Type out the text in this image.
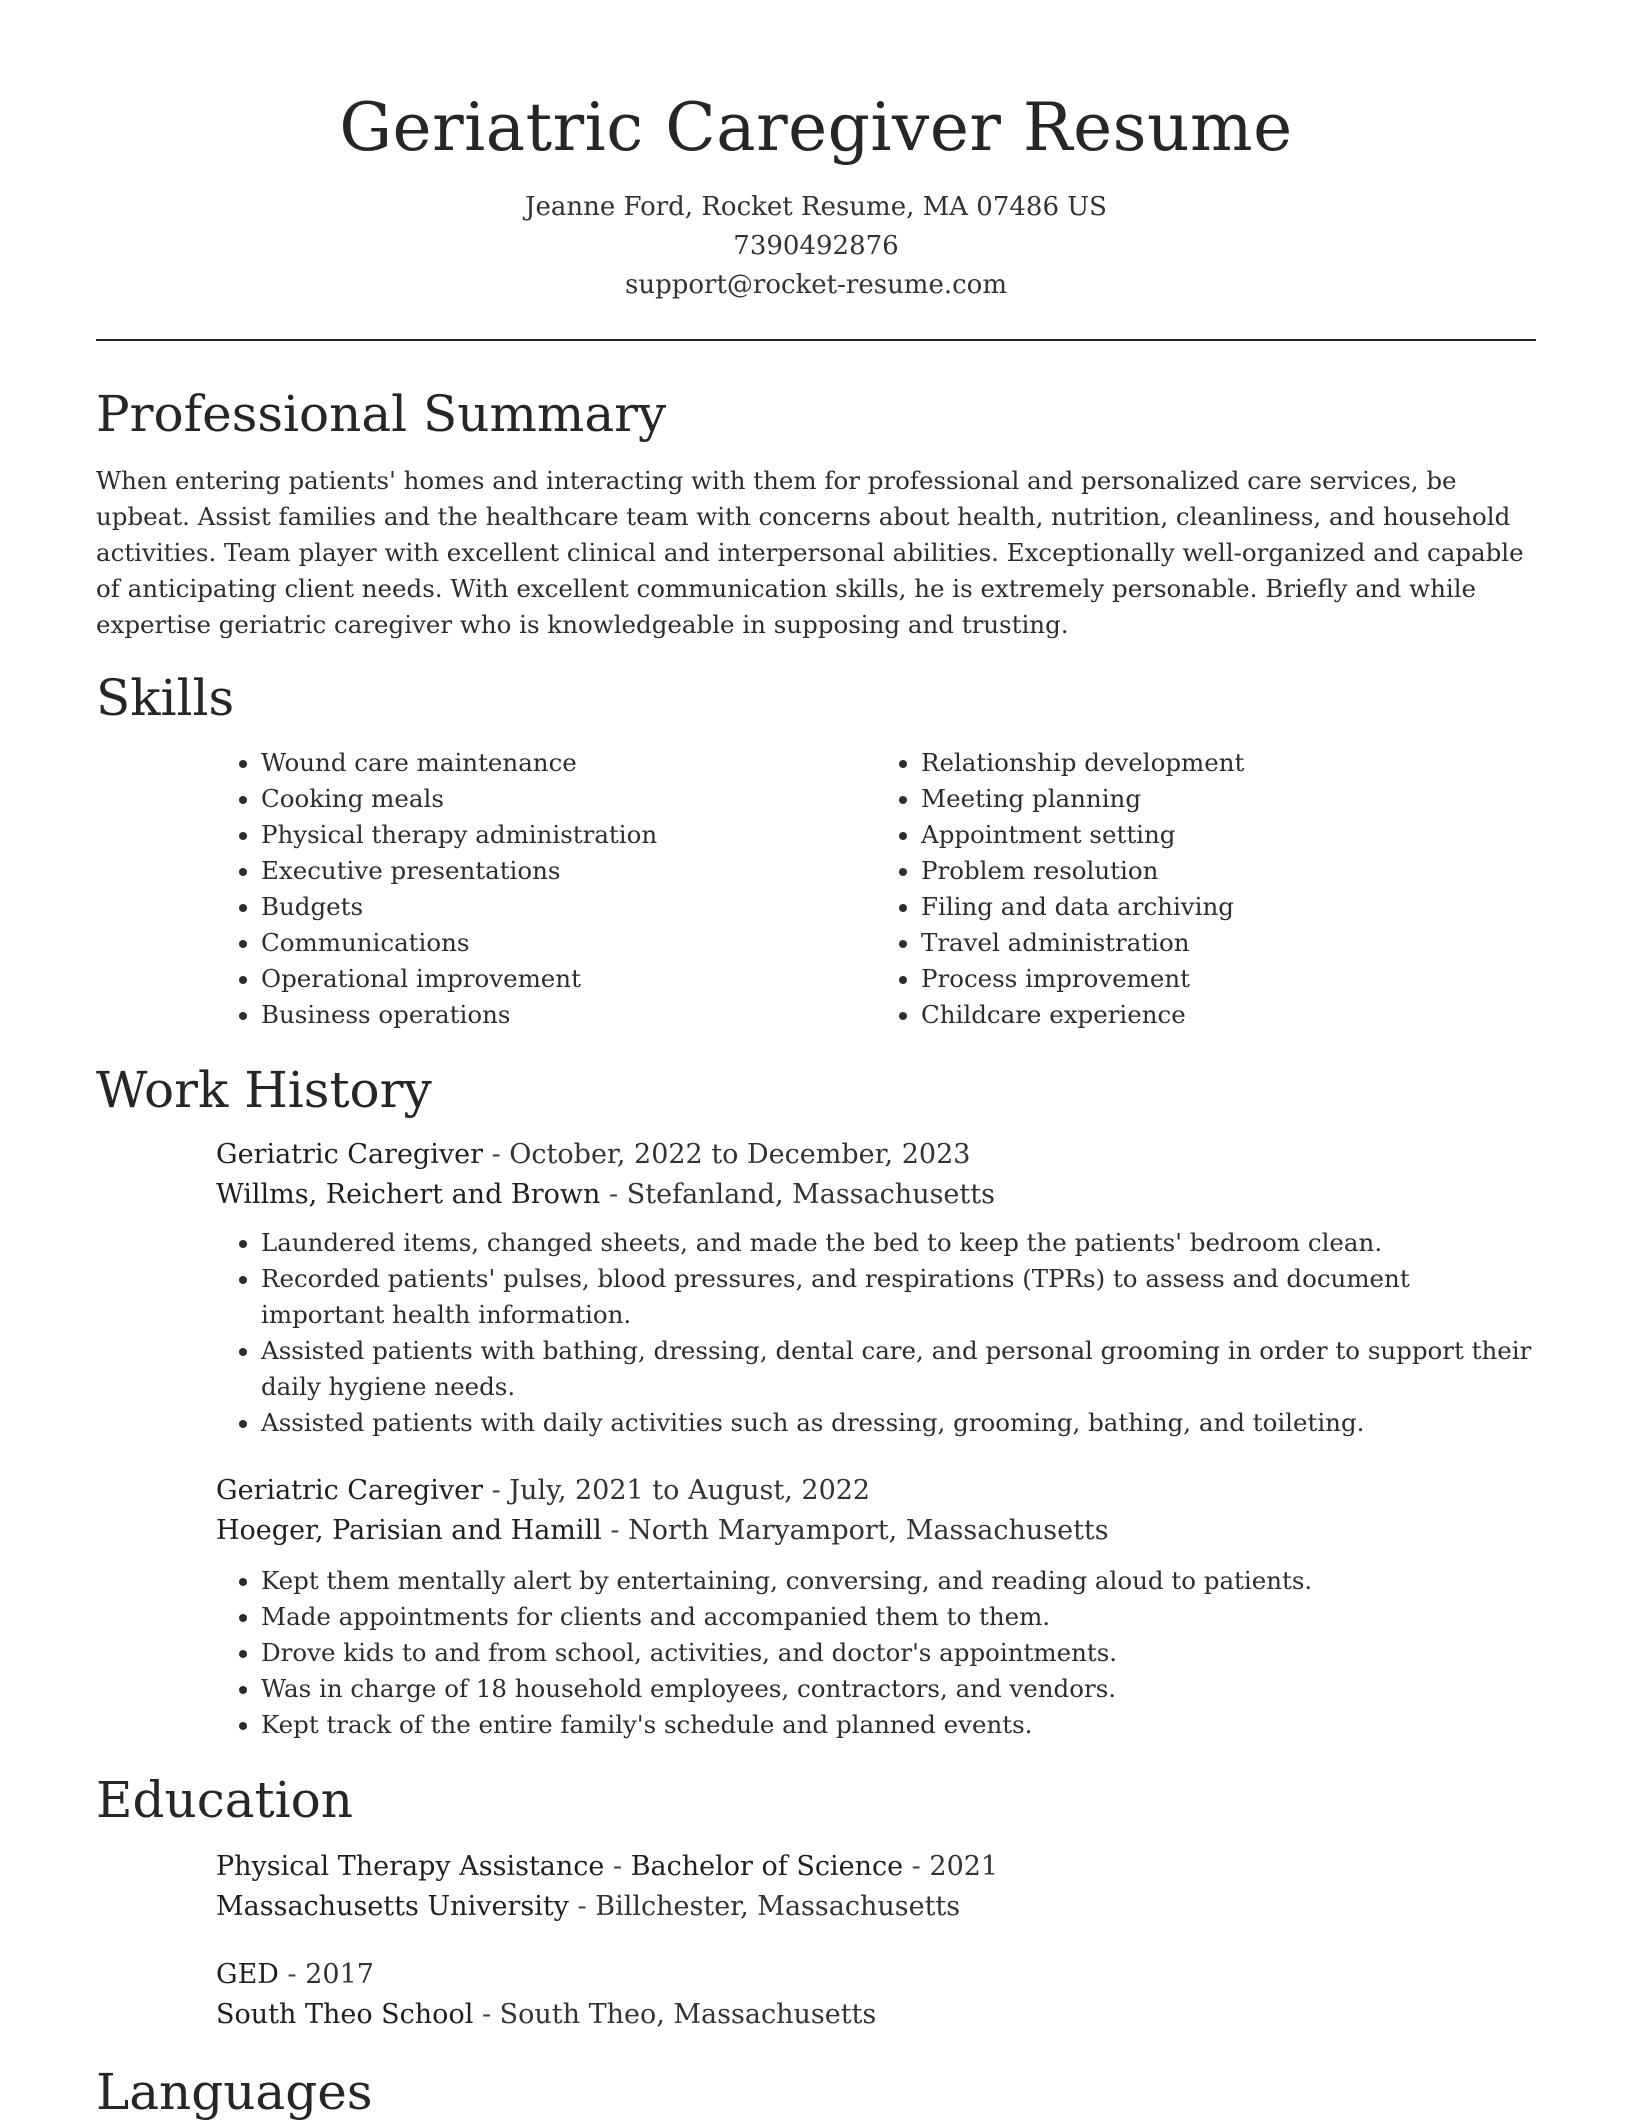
Geriatric Caregiver Resume
Jeanne Ford, Rocket Resume, MA 07486 US
7390492876
support@rocket-resume.com
Professional Summary

When entering patients' homes and interacting with them for professional and personalized care services, be upbeat. Assist families and the healthcare team with concerns about health, nutrition, cleanliness, and household activities. Team player with excellent clinical and interpersonal abilities. Exceptionally well-organized and capable of anticipating client needs. With excellent communication skills, he is extremely personable. Briefly and while expertise geriatric caregiver who is knowledgeable in supposing and trusting.

Skills
• Wound care maintenance
• Cooking meals
• Physical therapy administration
• Executive presentations
• Budgets
• Communications
• Operational improvement
• Business operations
• Relationship development
• Meeting planning
• Appointment setting
• Problem resolution
• Filing and data archiving
• Travel administration
• Process improvement
• Childcare experience
Work History
Geriatric Caregiver - October, 2022 to December, 2023
Willms, Reichert and Brown - Stefanland, Massachusetts
• Laundered items, changed sheets, and made the bed to keep the patients' bedroom clean.
• Recorded patients' pulses, blood pressures, and respirations (TPRs) to assess and document important health information.
• Assisted patients with bathing, dressing, dental care, and personal grooming in order to support their daily hygiene needs.
• Assisted patients with daily activities such as dressing, grooming, bathing, and toileting.
Geriatric Caregiver - July, 2021 to August, 2022
Hoeger, Parisian and Hamill - North Maryamport, Massachusetts
• Kept them mentally alert by entertaining, conversing, and reading aloud to patients.
• Made appointments for clients and accompanied them to them.
• Drove kids to and from school, activities, and doctor's appointments.
• Was in charge of 18 household employees, contractors, and vendors.
• Kept track of the entire family's schedule and planned events.
Education
Physical Therapy Assistance - Bachelor of Science - 2021
Massachusetts University - Billchester, Massachusetts
GED - 2017
South Theo School - South Theo, Massachusetts
Languages
